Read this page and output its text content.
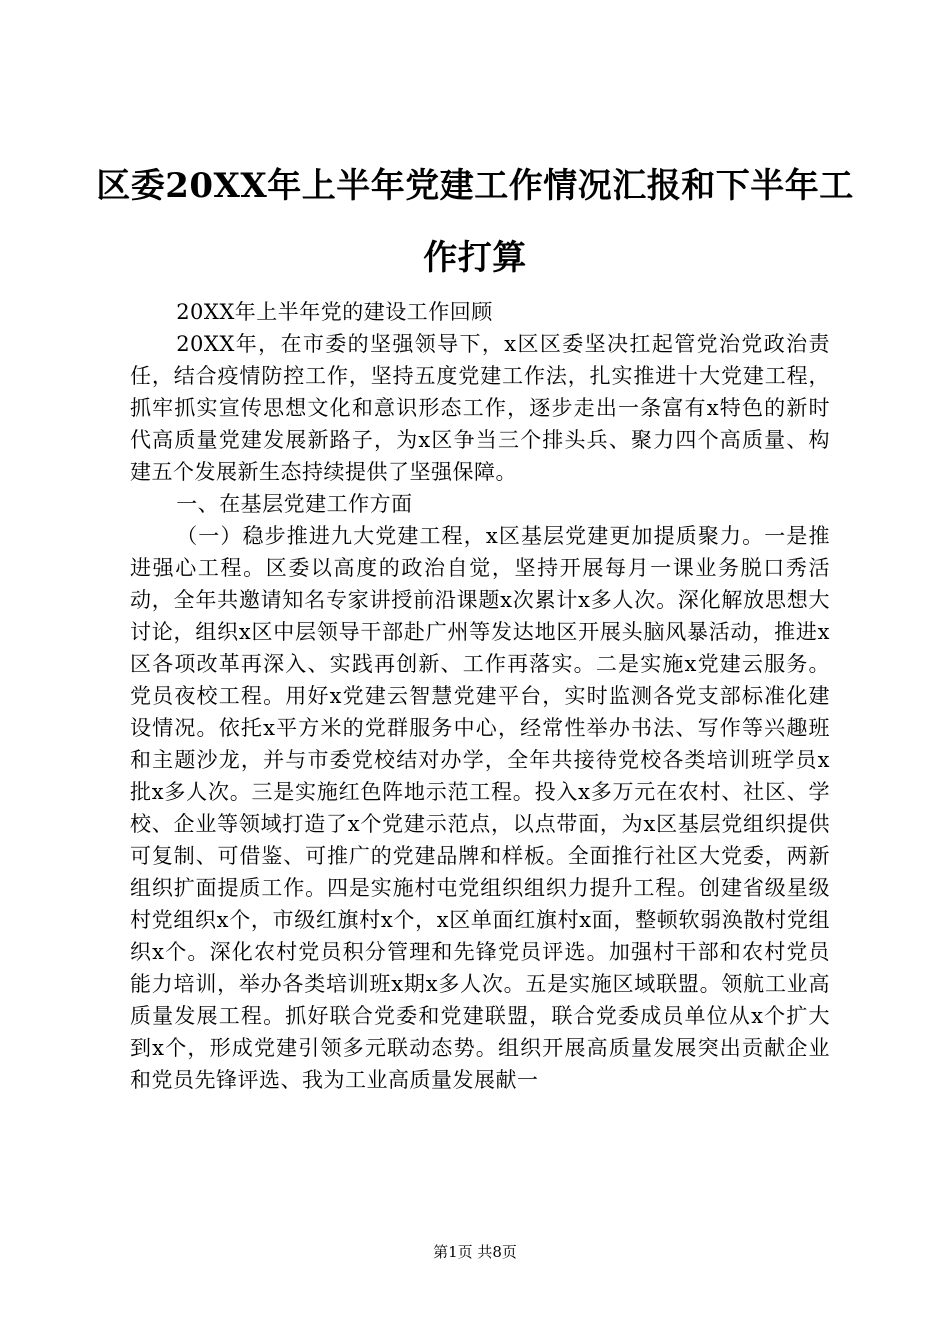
区委20XX年上半年党建工作情况汇报和下半年工作打算

20XX年上半年党的建设工作回顾

20XX年，在市委的坚强领导下，x区区委坚决扛起管党治党政治责任，结合疫情防控工作，坚持五度党建工作法，扎实推进十大党建工程，抓牢抓实宣传思想文化和意识形态工作，逐步走出一条富有x特色的新时代高质量党建发展新路子，为x区争当三个排头兵、聚力四个高质量、构建五个发展新生态持续提供了坚强保障。

一、在基层党建工作方面

（一）稳步推进九大党建工程，x区基层党建更加提质聚力。一是推进强心工程。区委以高度的政治自觉，坚持开展每月一课业务脱口秀活动，全年共邀请知名专家讲授前沿课题x次累计x多人次。深化解放思想大讨论，组织x区中层领导干部赴广州等发达地区开展头脑风暴活动，推进x区各项改革再深入、实践再创新、工作再落实。二是实施x党建云服务。党员夜校工程。用好x党建云智慧党建平台，实时监测各党支部标准化建设情况。依托x平方米的党群服务中心，经常性举办书法、写作等兴趣班和主题沙龙，并与市委党校结对办学，全年共接待党校各类培训班学员x批x多人次。三是实施红色阵地示范工程。投入x多万元在农村、社区、学校、企业等领域打造了x个党建示范点，以点带面，为x区基层党组织提供可复制、可借鉴、可推广的党建品牌和样板。全面推行社区大党委，两新组织扩面提质工作。四是实施村屯党组织组织力提升工程。创建省级星级村党组织x个，市级红旗村x个，x区单面红旗村x面，整顿软弱涣散村党组织x个。深化农村党员积分管理和先锋党员评选。加强村干部和农村党员能力培训，举办各类培训班x期x多人次。五是实施区域联盟。领航工业高质量发展工程。抓好联合党委和党建联盟，联合党委成员单位从x个扩大到x个，形成党建引领多元联动态势。组织开展高质量发展突出贡献企业和党员先锋评选、我为工业高质量发展献一

第1页 共8页
